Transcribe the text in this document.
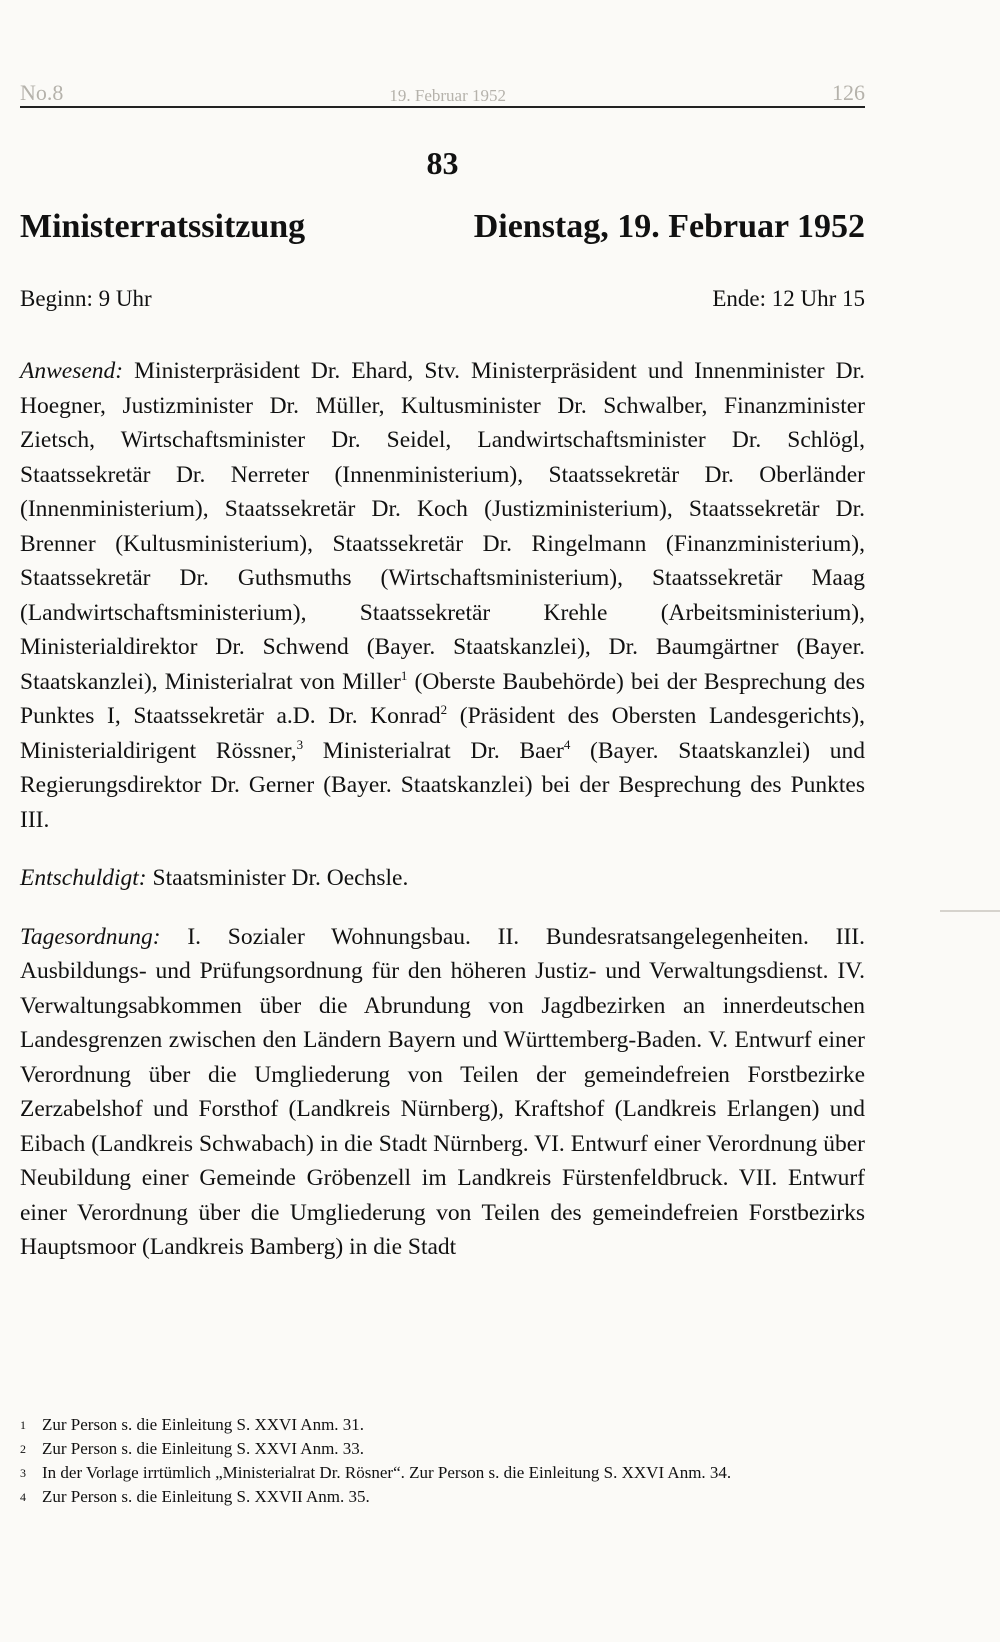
No.8	19. Februar 1952	126
83
Ministerratssitzung	Dienstag, 19. Februar 1952
Beginn: 9 Uhr	Ende: 12 Uhr 15

Anwesend: Ministerpräsident Dr. Ehard, Stv. Ministerpräsident und Innenminister Dr. Hoegner, Justizminister Dr. Müller, Kultusminister Dr. Schwalber, Finanzminister Zietsch, Wirtschaftsminister Dr. Seidel, Landwirtschaftsminister Dr. Schlögl, Staatssekretär Dr. Nerreter (Innenministerium), Staatssekretär Dr. Oberländer (Innenministerium), Staatssekretär Dr. Koch (Justizministerium), Staatssekretär Dr. Brenner (Kultusministerium), Staatssekretär Dr. Ringelmann (Finanzministerium), Staatssekretär Dr. Guthsmuths (Wirtschaftsministerium), Staatssekretär Maag (Landwirtschaftsministerium), Staatssekretär Krehle (Arbeitsministerium), Ministerialdirektor Dr. Schwend (Bayer. Staatskanzlei), Dr. Baumgärtner (Bayer. Staatskanzlei), Ministerialrat von Miller$^1$ (Oberste Baubehörde) bei der Besprechung des Punktes I, Staatssekretär a.D. Dr. Konrad$^2$ (Präsident des Obersten Landesgerichts), Ministerialdirigent Rössner,$^3$ Ministerialrat Dr. Baer$^4$ (Bayer. Staatskanzlei) und Regierungsdirektor Dr. Gerner (Bayer. Staatskanzlei) bei der Besprechung des Punktes III.

Entschuldigt: Staatsminister Dr. Oechsle.

Tagesordnung: I. Sozialer Wohnungsbau. II. Bundesratsangelegenheiten. III. Ausbildungs- und Prüfungsordnung für den höheren Justiz- und Verwaltungsdienst. IV. Verwaltungsabkommen über die Abrundung von Jagdbezirken an innerdeutschen Landesgrenzen zwischen den Ländern Bayern und Württemberg-Baden. V. Entwurf einer Verordnung über die Umgliederung von Teilen der gemeindefreien Forstbezirke Zerzabelshof und Forsthof (Landkreis Nürnberg), Kraftshof (Landkreis Erlangen) und Eibach (Landkreis Schwabach) in die Stadt Nürnberg. VI. Entwurf einer Verordnung über Neubildung einer Gemeinde Gröbenzell im Landkreis Fürstenfeldbruck. VII. Entwurf einer Verordnung über die Umgliederung von Teilen des gemeindefreien Forstbezirks Hauptsmoor (Landkreis Bamberg) in die Stadt

1 Zur Person s. die Einleitung S. XXVI Anm. 31.
2 Zur Person s. die Einleitung S. XXVI Anm. 33.
3 In der Vorlage irrtümlich „Ministerialrat Dr. Rösner“. Zur Person s. die Einleitung S. XXVI Anm. 34.
4 Zur Person s. die Einleitung S. XXVII Anm. 35.
